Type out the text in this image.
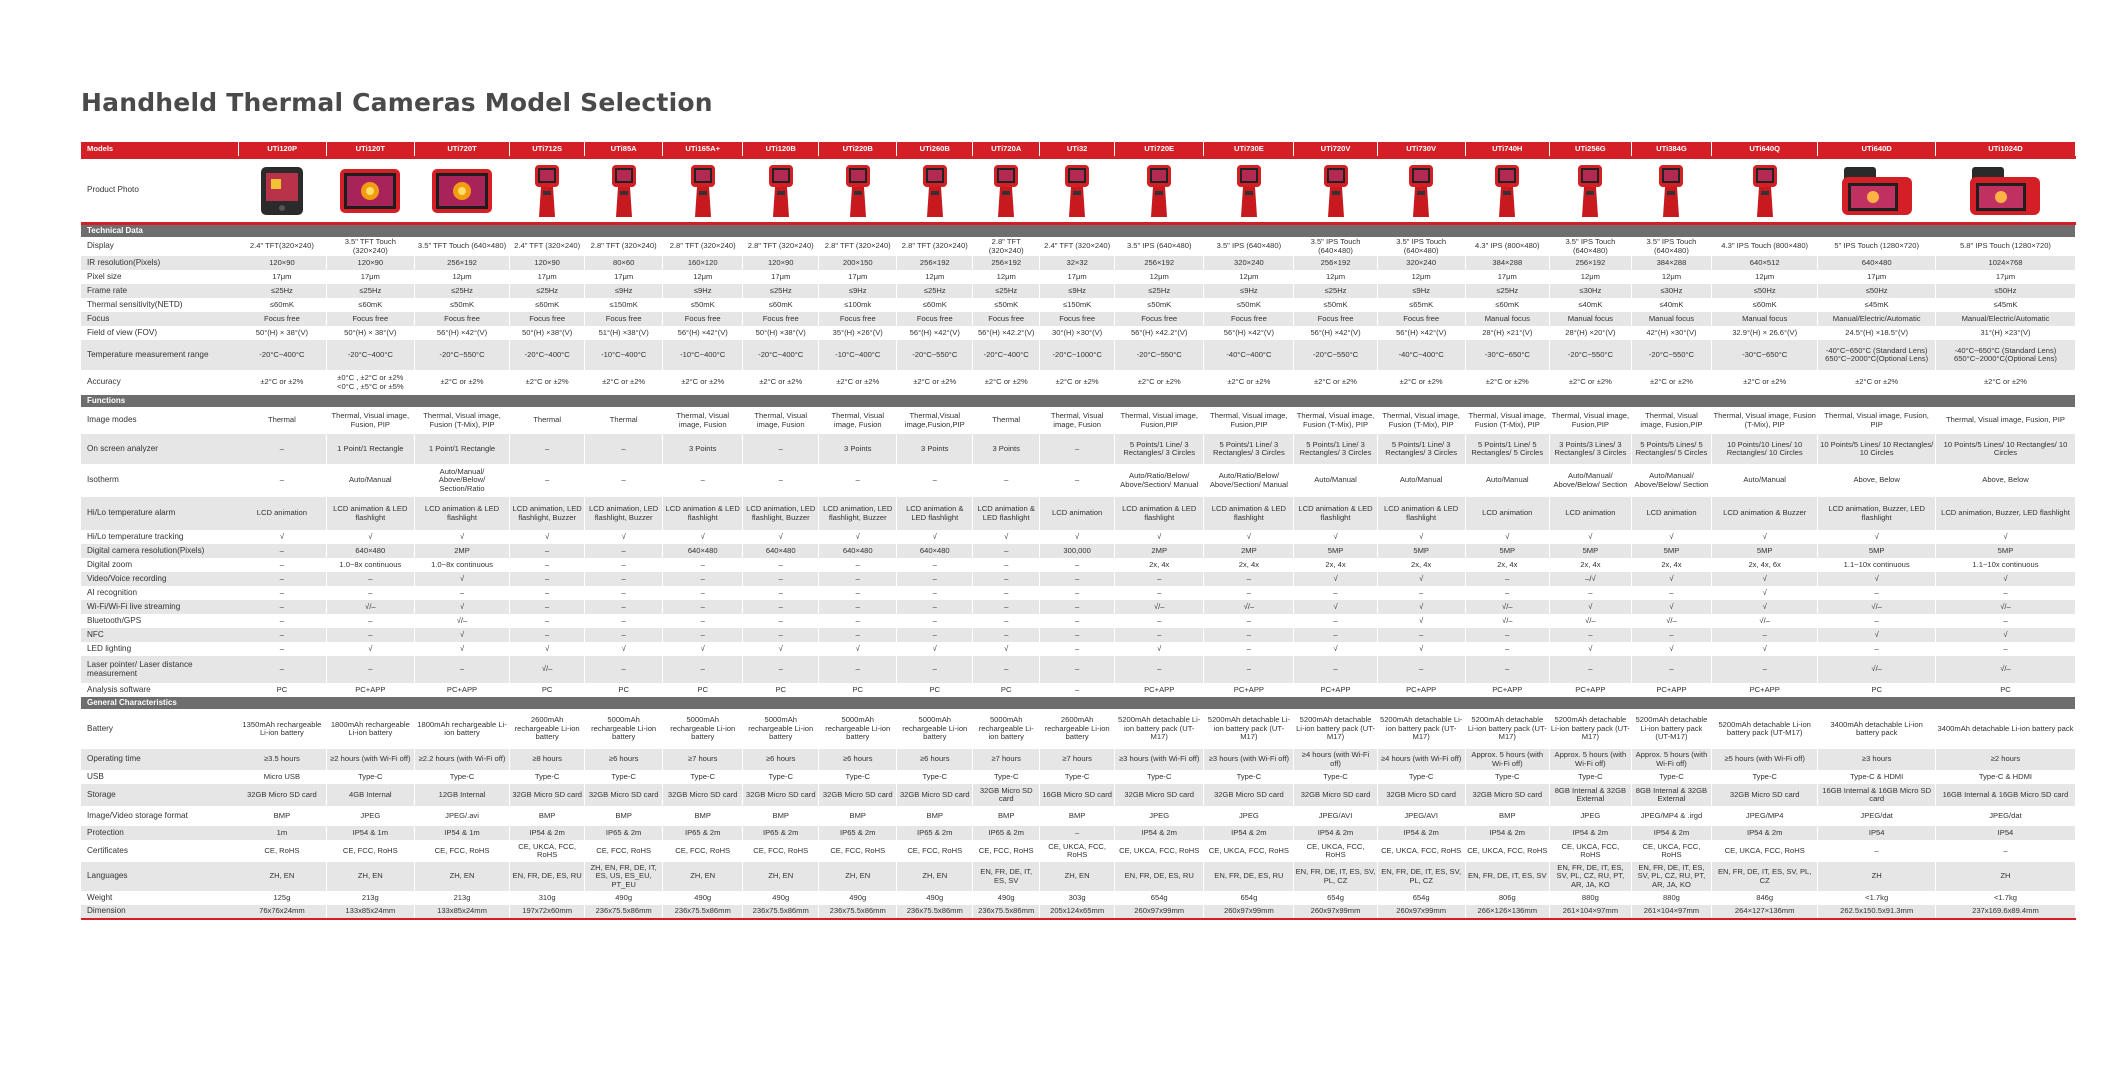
Handheld Thermal Cameras Model Selection
Models	UTi120P	UTi120T	UTi720T	UTi712S	UTi85A	UTi165A+	UTi120B	UTi220B	UTi260B	UTi720A	UTi32	UTi720E	UTi730E	UTi720V	UTi730V	UTi740H	UTi256G	UTi384G	UTi640Q	UTi640D	UTi1024D
Product Photo	

Technical Data																					
Display	2.4" TFT(320×240)	3.5" TFT Touch (320×240)	3.5" TFT Touch (640×480)	2.4" TFT (320×240)	2.8" TFT (320×240)	2.8" TFT (320×240)	2.8" TFT (320×240)	2.8" TFT (320×240)	2.8" TFT (320×240)	2.8" TFT (320×240)	2.4" TFT (320×240)	3.5" IPS (640×480)	3.5" IPS (640×480)	3.5" IPS Touch (640×480)	3.5" IPS Touch (640×480)	4.3" IPS (800×480)	3.5" IPS Touch (640×480)	3.5" IPS Touch (640×480)	4.3" IPS Touch (800×480)	5" IPS Touch (1280×720)	5.8" IPS Touch (1280×720)
IR resolution(Pixels)	120×90	120×90	256×192	120×90	80×60	160×120	120×90	200×150	256×192	256×192	32×32	256×192	320×240	256×192	320×240	384×288	256×192	384×288	640×512	640×480	1024×768
Pixel size	17μm	17μm	12μm	17μm	17μm	12μm	17μm	17μm	12μm	12μm	17μm	12μm	12μm	12μm	12μm	17μm	12μm	12μm	12μm	17μm	17μm
Frame rate	≤25Hz	≤25Hz	≤25Hz	≤25Hz	≤9Hz	≤9Hz	≤25Hz	≤9Hz	≤25Hz	≤25Hz	≤9Hz	≤25Hz	≤9Hz	≤25Hz	≤9Hz	≤25Hz	≤30Hz	≤30Hz	≤50Hz	≤50Hz	≤50Hz
Thermal sensitivity(NETD)	≤60mK	≤60mK	≤50mK	≤60mK	≤150mK	≤50mK	≤60mK	≤100mk	≤60mK	≤50mK	≤150mK	≤50mK	≤50mK	≤50mK	≤65mK	≤60mK	≤40mK	≤40mK	≤60mK	≤45mK	≤45mK
Focus	Focus free	Focus free	Focus free	Focus free	Focus free	Focus free	Focus free	Focus free	Focus free	Focus free	Focus free	Focus free	Focus free	Focus free	Focus free	Manual focus	Manual focus	Manual focus	Manual focus	Manual/Electric/Automatic	Manual/Electric/Automatic
Field of view (FOV)	50°(H) × 38°(V)	50°(H) × 38°(V)	56°(H) ×42°(V)	50°(H) ×38°(V)	51°(H) ×38°(V)	56°(H) ×42°(V)	50°(H) ×38°(V)	35°(H) ×26°(V)	56°(H) ×42°(V)	56°(H) ×42.2°(V)	30°(H) ×30°(V)	56°(H) ×42.2°(V)	56°(H) ×42°(V)	56°(H) ×42°(V)	56°(H) ×42°(V)	28°(H) ×21°(V)	28°(H) ×20°(V)	42°(H) ×30°(V)	32.9°(H) × 26.6°(V)	24.5°(H) ×18.5°(V)	31°(H) ×23°(V)
Temperature measurement range	-20°C~400°C	-20°C~400°C	-20°C~550°C	-20°C~400°C	-10°C~400°C	-10°C~400°C	-20°C~400°C	-10°C~400°C	-20°C~550°C	-20°C~400°C	-20°C~1000°C	-20°C~550°C	-40°C~400°C	-20°C~550°C	-40°C~400°C	-30°C~650°C	-20°C~550°C	-20°C~550°C	-30°C~650°C	-40°C~650°C (Standard Lens) 650°C~2000°C(Optional Lens)	-40°C~650°C (Standard Lens) 650°C~2000°C(Optional Lens)
Accuracy	±2°C or ±2%	±0°C , ±2°C or ±2% <0°C , ±5°C or ±5%	±2°C or ±2%	±2°C or ±2%	±2°C or ±2%	±2°C or ±2%	±2°C or ±2%	±2°C or ±2%	±2°C or ±2%	±2°C or ±2%	±2°C or ±2%	±2°C or ±2%	±2°C or ±2%	±2°C or ±2%	±2°C or ±2%	±2°C or ±2%	±2°C or ±2%	±2°C or ±2%	±2°C or ±2%	±2°C or ±2%	±2°C or ±2%
Functions																					
Image modes	Thermal	Thermal, Visual image, Fusion, PIP	Thermal, Visual image, Fusion (T-Mix), PIP	Thermal	Thermal	Thermal, Visual image, Fusion	Thermal, Visual image, Fusion	Thermal, Visual image, Fusion	Thermal,Visual image,Fusion,PIP	Thermal	Thermal, Visual image, Fusion	Thermal, Visual image, Fusion,PIP	Thermal, Visual image, Fusion,PIP	Thermal, Visual image, Fusion (T-Mix), PIP	Thermal, Visual image, Fusion (T-Mix), PIP	Thermal, Visual image, Fusion (T-Mix), PIP	Thermal, Visual image, Fusion,PIP	Thermal, Visual image, Fusion,PIP	Thermal, Visual image, Fusion (T-Mix), PIP	Thermal, Visual image, Fusion, PIP	Thermal, Visual image, Fusion, PIP
On screen analyzer	–	1 Point/1 Rectangle	1 Point/1 Rectangle	–	–	3 Points	–	3 Points	3 Points	3 Points	–	5 Points/1 Line/ 3 Rectangles/ 3 Circles	5 Points/1 Line/ 3 Rectangles/ 3 Circles	5 Points/1 Line/ 3 Rectangles/ 3 Circles	5 Points/1 Line/ 3 Rectangles/ 3 Circles	5 Points/1 Line/ 5 Rectangles/ 5 Circles	3 Points/3 Lines/ 3 Rectangles/ 3 Circles	5 Points/5 Lines/ 5 Rectangles/ 5 Circles	10 Points/10 Lines/ 10 Rectangles/ 10 Circles	10 Points/5 Lines/ 10 Rectangles/ 10 Circles	10 Points/5 Lines/ 10 Rectangles/ 10 Circles
Isotherm	–	Auto/Manual	Auto/Manual/ Above/Below/ Section/Ratio	–	–	–	–	–	–	–	–	Auto/Ratio/Below/ Above/Section/ Manual	Auto/Ratio/Below/ Above/Section/ Manual	Auto/Manual	Auto/Manual	Auto/Manual	Auto/Manual/ Above/Below/ Section	Auto/Manual/ Above/Below/ Section	Auto/Manual	Above, Below	Above, Below
Hi/Lo temperature alarm	LCD animation	LCD animation & LED flashlight	LCD animation & LED flashlight	LCD animation, LED flashlight, Buzzer	LCD animation, LED flashlight, Buzzer	LCD animation & LED flashlight	LCD animation, LED flashlight, Buzzer	LCD animation, LED flashlight, Buzzer	LCD animation & LED flashlight	LCD animation & LED flashlight	LCD animation	LCD animation & LED flashlight	LCD animation & LED flashlight	LCD animation & LED flashlight	LCD animation & LED flashlight	LCD animation	LCD animation	LCD animation	LCD animation & Buzzer	LCD animation, Buzzer, LED flashlight	LCD animation, Buzzer, LED flashlight
Hi/Lo temperature tracking	√	√	√	√	√	√	√	√	√	√	√	√	√	√	√	√	√	√	√	√	√
Digital camera resolution(Pixels)	–	640×480	2MP	–	–	640×480	640×480	640×480	640×480	–	300,000	2MP	2MP	5MP	5MP	5MP	5MP	5MP	5MP	5MP	5MP
Digital zoom	–	1.0~8x continuous	1.0~8x continuous	–	–	–	–	–	–	–	–	2x, 4x	2x, 4x	2x, 4x	2x, 4x	2x, 4x	2x, 4x	2x, 4x	2x, 4x, 6x	1.1~10x continuous	1.1~10x continuous
Video/Voice recording	–	–	√	–	–	–	–	–	–	–	–	–	–	√	√	–	–/√	√	√	√	√
AI recognition	–	–	–	–	–	–	–	–	–	–	–	–	–	–	–	–	–	–	√	–	–
Wi-Fi/Wi-Fi live streaming	–	√/–	√	–	–	–	–	–	–	–	–	√/–	√/–	√	√	√/–	√	√	√	√/–	√/–
Bluetooth/GPS	–	–	√/–	–	–	–	–	–	–	–	–	–	–	–	√	√/–	√/–	√/–	√/–	–	–
NFC	–	–	√	–	–	–	–	–	–	–	–	–	–	–	–	–	–	–	–	√	√
LED lighting	–	√	√	√	√	√	√	√	√	√	–	√	–	√	√	–	√	√	√	–	–
Laser pointer/ Laser distance measurement	–	–	–	√/–	–	–	–	–	–	–	–	–	–	–	–	–	–	–	–	√/–	√/–
Analysis software	PC	PC+APP	PC+APP	PC	PC	PC	PC	PC	PC	PC	–	PC+APP	PC+APP	PC+APP	PC+APP	PC+APP	PC+APP	PC+APP	PC+APP	PC	PC
General Characteristics																					
Battery	1350mAh rechargeable Li-ion battery	1800mAh rechargeable Li-ion battery	1800mAh rechargeable Li-ion battery	2600mAh rechargeable Li-ion battery	5000mAh rechargeable Li-ion battery	5000mAh rechargeable Li-ion battery	5000mAh rechargeable Li-ion battery	5000mAh rechargeable Li-ion battery	5000mAh rechargeable Li-ion battery	5000mAh rechargeable Li-ion battery	2600mAh rechargeable Li-ion battery	5200mAh detachable Li-ion battery pack (UT-M17)	5200mAh detachable Li-ion battery pack (UT-M17)	5200mAh detachable Li-ion battery pack (UT-M17)	5200mAh detachable Li-ion battery pack (UT-M17)	5200mAh detachable Li-ion battery pack (UT-M17)	5200mAh detachable Li-ion battery pack (UT-M17)	5200mAh detachable Li-ion battery pack (UT-M17)	5200mAh detachable Li-ion battery pack (UT-M17)	3400mAh detachable Li-ion battery pack	3400mAh detachable Li-ion battery pack
Operating time	≥3.5 hours	≥2 hours (with Wi-Fi off)	≥2.2 hours (with Wi-Fi off)	≥8 hours	≥6 hours	≥7 hours	≥6 hours	≥6 hours	≥6 hours	≥7 hours	≥7 hours	≥3 hours (with Wi-Fi off)	≥3 hours (with Wi-Fi off)	≥4 hours (with Wi-Fi off)	≥4 hours (with Wi-Fi off)	Approx. 5 hours (with Wi-Fi off)	Approx. 5 hours (with Wi-Fi off)	Approx. 5 hours (with Wi-Fi off)	≥5 hours (with Wi-Fi off)	≥3 hours	≥2 hours
USB	Micro USB	Type-C	Type-C	Type-C	Type-C	Type-C	Type-C	Type-C	Type-C	Type-C	Type-C	Type-C	Type-C	Type-C	Type-C	Type-C	Type-C	Type-C	Type-C	Type-C & HDMI	Type-C & HDMI
Storage	32GB Micro SD card	4GB Internal	12GB Internal	32GB Micro SD card	32GB Micro SD card	32GB Micro SD card	32GB Micro SD card	32GB Micro SD card	32GB Micro SD card	32GB Micro SD card	16GB Micro SD card	32GB Micro SD card	32GB Micro SD card	32GB Micro SD card	32GB Micro SD card	32GB Micro SD card	8GB Internal & 32GB External	8GB Internal & 32GB External	32GB Micro SD card	16GB Internal & 16GB Micro SD card	16GB Internal & 16GB Micro SD card
Image/Video storage format	BMP	JPEG	JPEG/.avi	BMP	BMP	BMP	BMP	BMP	BMP	BMP	BMP	JPEG	JPEG	JPEG/AVI	JPEG/AVI	BMP	JPEG	JPEG/MP4 & .irgd	JPEG/MP4	JPEG/dat	JPEG/dat
Protection	1m	IP54 & 1m	IP54 & 1m	IP54 & 2m	IP65 & 2m	IP65 & 2m	IP65 & 2m	IP65 & 2m	IP65 & 2m	IP65 & 2m	–	IP54 & 2m	IP54 & 2m	IP54 & 2m	IP54 & 2m	IP54 & 2m	IP54 & 2m	IP54 & 2m	IP54 & 2m	IP54	IP54
Certificates	CE, RoHS	CE, FCC, RoHS	CE, FCC, RoHS	CE, UKCA, FCC, RoHS	CE, FCC, RoHS	CE, FCC, RoHS	CE, FCC, RoHS	CE, FCC, RoHS	CE, FCC, RoHS	CE, FCC, RoHS	CE, UKCA, FCC, RoHS	CE, UKCA, FCC, RoHS	CE, UKCA, FCC, RoHS	CE, UKCA, FCC, RoHS	CE, UKCA, FCC, RoHS	CE, UKCA, FCC, RoHS	CE, UKCA, FCC, RoHS	CE, UKCA, FCC, RoHS	CE, UKCA, FCC, RoHS	–	–
Languages	ZH, EN	ZH, EN	ZH, EN	EN, FR, DE, ES, RU	ZH, EN, FR, DE, IT, ES, US, ES_EU, PT_EU	ZH, EN	ZH, EN	ZH, EN	ZH, EN	EN, FR, DE, IT, ES, SV	ZH, EN	EN, FR, DE, ES, RU	EN, FR, DE, ES, RU	EN, FR, DE, IT, ES, SV, PL, CZ	EN, FR, DE, IT, ES, SV, PL, CZ	EN, FR, DE, IT, ES, SV	EN, FR, DE, IT, ES, SV, PL, CZ, RU, PT, AR, JA, KO	EN, FR, DE, IT, ES, SV, PL, CZ, RU, PT, AR, JA, KO	EN, FR, DE, IT, ES, SV, PL, CZ	ZH	ZH
Weight	125g	213g	213g	310g	490g	490g	490g	490g	490g	490g	303g	654g	654g	654g	654g	806g	880g	880g	846g	<1.7kg	<1.7kg
Dimension	76x76x24mm	133x85x24mm	133x85x24mm	197x72x60mm	236x75.5x86mm	236x75.5x86mm	236x75.5x86mm	236x75.5x86mm	236x75.5x86mm	236x75.5x86mm	205x124x65mm	260x97x99mm	260x97x99mm	260x97x99mm	260x97x99mm	266×126×136mm	261×104×97mm	261×104×97mm	264×127×136mm	262.5x150.5x91.3mm	237x169.6x89.4mm
